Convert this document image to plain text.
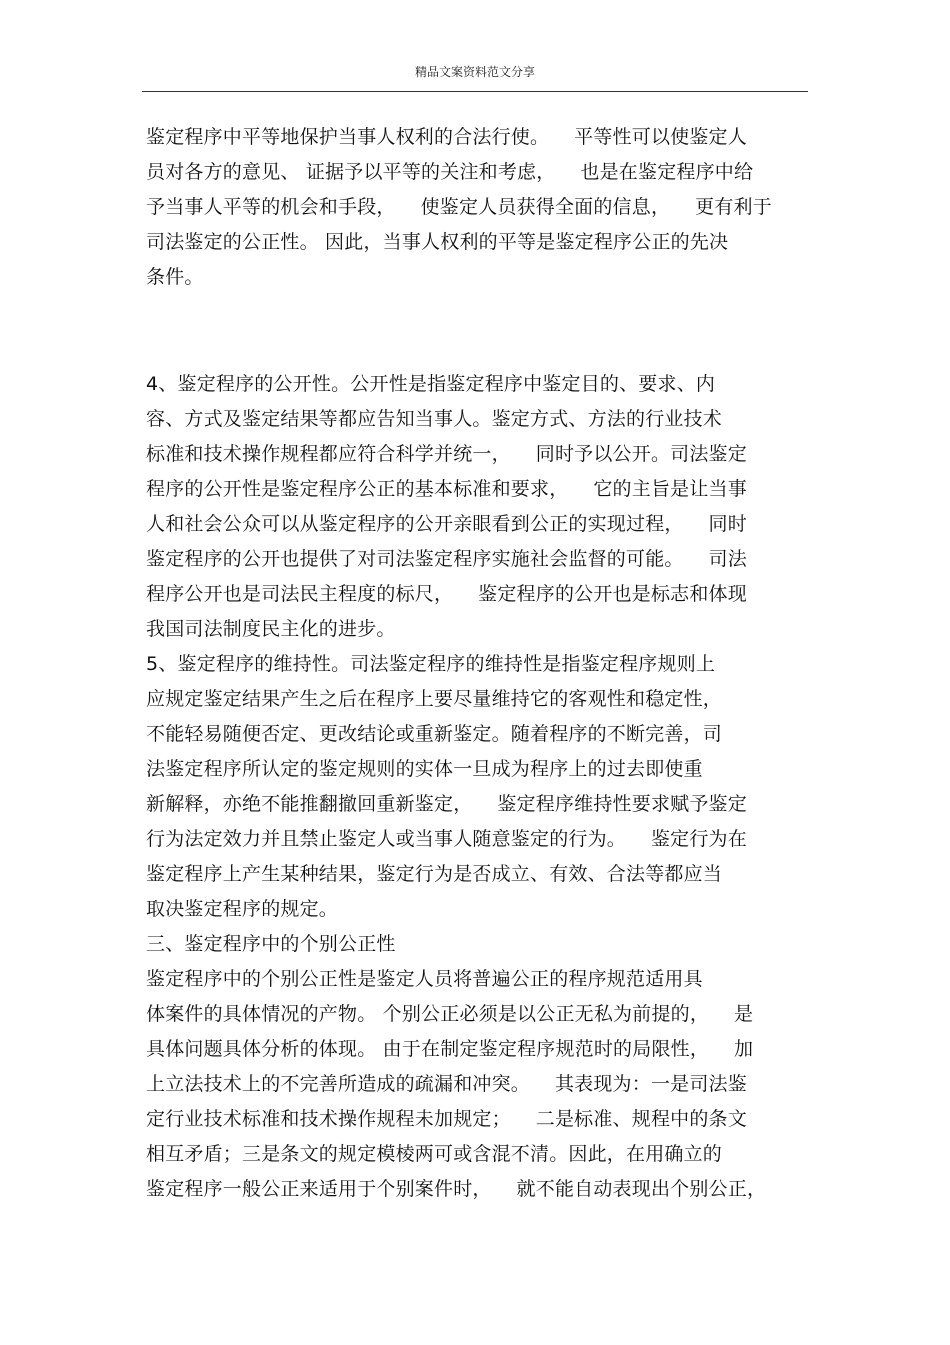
精品文案资料范文分享
鉴定程序中平等地保护当事人权利的合法行使。    平等性可以使鉴定人
员对各方的意见、 证据予以平等的关注和考虑，    也是在鉴定程序中给
予当事人平等的机会和手段，    使鉴定人员获得全面的信息，    更有利于
司法鉴定的公正性。 因此，当事人权利的平等是鉴定程序公正的先决
条件。
4、鉴定程序的公开性。公开性是指鉴定程序中鉴定目的、要求、内
容、方式及鉴定结果等都应告知当事人。鉴定方式、方法的行业技术
标准和技术操作规程都应符合科学并统一，    同时予以公开。司法鉴定
程序的公开性是鉴定程序公正的基本标准和要求，    它的主旨是让当事
人和社会公众可以从鉴定程序的公开亲眼看到公正的实现过程，    同时
鉴定程序的公开也提供了对司法鉴定程序实施社会监督的可能。    司法
程序公开也是司法民主程度的标尺，    鉴定程序的公开也是标志和体现
我国司法制度民主化的进步。
5、鉴定程序的维持性。司法鉴定程序的维持性是指鉴定程序规则上
应规定鉴定结果产生之后在程序上要尽量维持它的客观性和稳定性，
不能轻易随便否定、更改结论或重新鉴定。随着程序的不断完善，司
法鉴定程序所认定的鉴定规则的实体一旦成为程序上的过去即使重
新解释，亦绝不能推翻撤回重新鉴定，    鉴定程序维持性要求赋予鉴定
行为法定效力并且禁止鉴定人或当事人随意鉴定的行为。    鉴定行为在
鉴定程序上产生某种结果，鉴定行为是否成立、有效、合法等都应当
取决鉴定程序的规定。
三、鉴定程序中的个别公正性
鉴定程序中的个别公正性是鉴定人员将普遍公正的程序规范适用具
体案件的具体情况的产物。 个别公正必须是以公正无私为前提的，    是
具体问题具体分析的体现。 由于在制定鉴定程序规范时的局限性，    加
上立法技术上的不完善所造成的疏漏和冲突。    其表现为：一是司法鉴
定行业技术标准和技术操作规程未加规定；    二是标准、规程中的条文
相互矛盾；三是条文的规定模棱两可或含混不清。因此，在用确立的
鉴定程序一般公正来适用于个别案件时，    就不能自动表现出个别公正，
